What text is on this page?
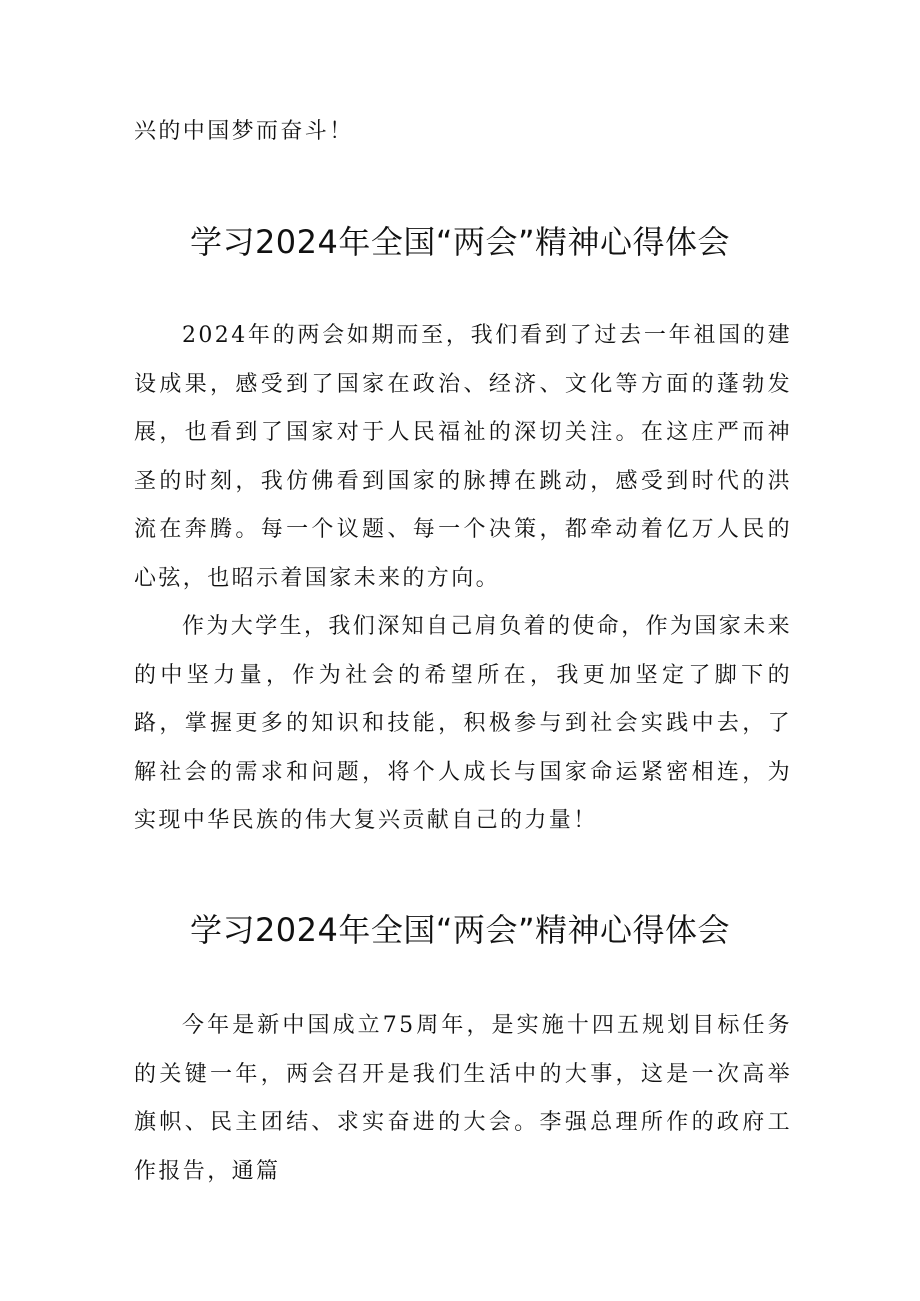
兴的中国梦而奋斗！
学习2024年全国“两会”精神心得体会

2024年的两会如期而至，我们看到了过去一年祖国的建设成果，感受到了国家在政治、经济、文化等方面的蓬勃发展，也看到了国家对于人民福祉的深切关注。在这庄严而神圣的时刻，我仿佛看到国家的脉搏在跳动，感受到时代的洪流在奔腾。每一个议题、每一个决策，都牵动着亿万人民的心弦，也昭示着国家未来的方向。

作为大学生，我们深知自己肩负着的使命，作为国家未来的中坚力量，作为社会的希望所在，我更加坚定了脚下的路，掌握更多的知识和技能，积极参与到社会实践中去，了解社会的需求和问题，将个人成长与国家命运紧密相连，为实现中华民族的伟大复兴贡献自己的力量！

学习2024年全国“两会”精神心得体会

今年是新中国成立75周年，是实施十四五规划目标任务的关键一年，两会召开是我们生活中的大事，这是一次高举旗帜、民主团结、求实奋进的大会。李强总理所作的政府工作报告，通篇
